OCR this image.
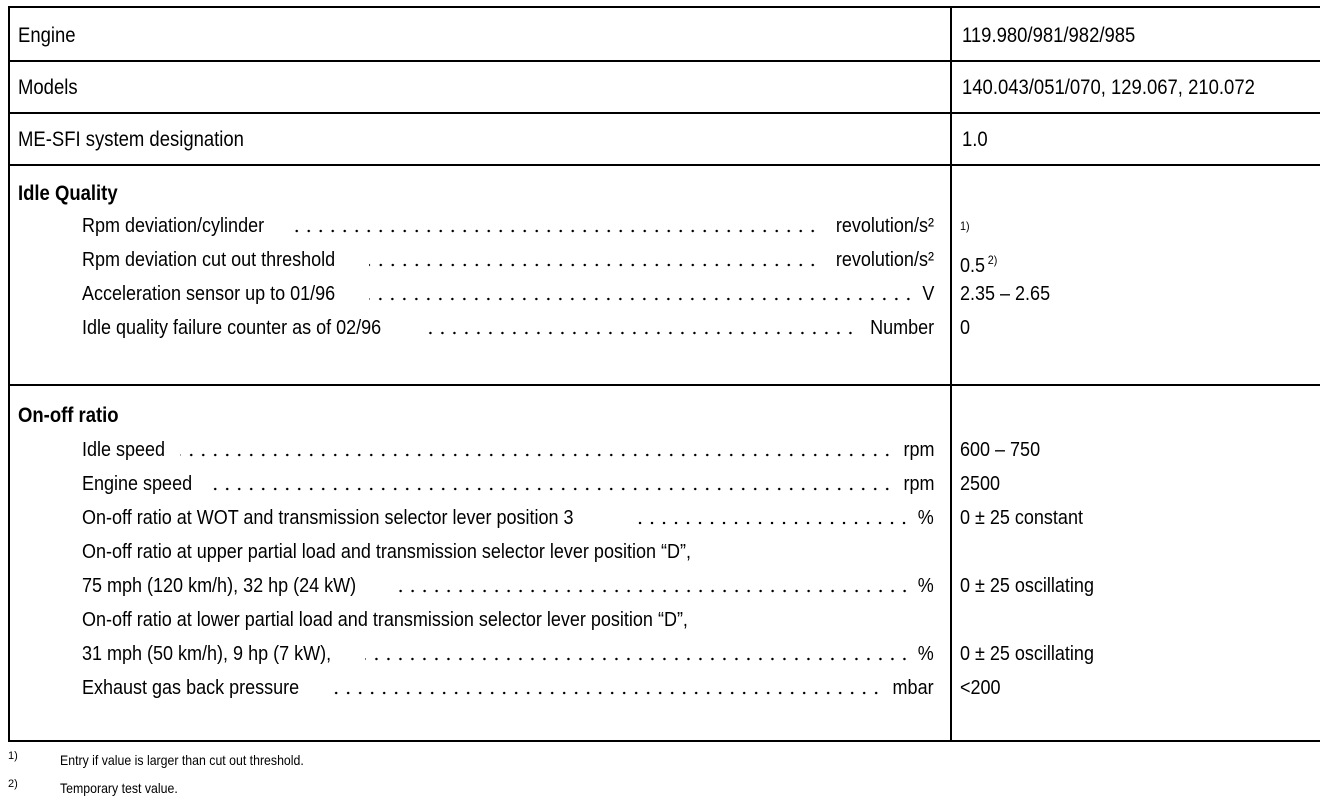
Engine	119.980/981/982/985
Models	140.043/051/070, 129.067, 210.072
ME-SFI system designation	1.0
Idle Quality
Rpm deviation/cylinder	revolution/s² $^{1)}$
Rpm deviation cut out threshold	revolution/s² 0.5 $^{2)}$
Acceleration sensor up to 01/96	V 2.35 – 2.65
Idle quality failure counter as of 02/96	Number 0
On-off ratio
Idle speed	rpm 600 – 750
Engine speed	rpm 2500
On-off ratio at WOT and transmission selector lever position 3	% 0 ± 25 constant
On-off ratio at upper partial load and transmission selector lever position “D”,
75 mph (120 km/h), 32 hp (24 kW)	% 0 ± 25 oscillating
On-off ratio at lower partial load and transmission selector lever position “D”,
31 mph (50 km/h), 9 hp (7 kW),	% 0 ± 25 oscillating
Exhaust gas back pressure	mbar <200
1)	Entry if value is larger than cut out threshold.
2)	Temporary test value.
